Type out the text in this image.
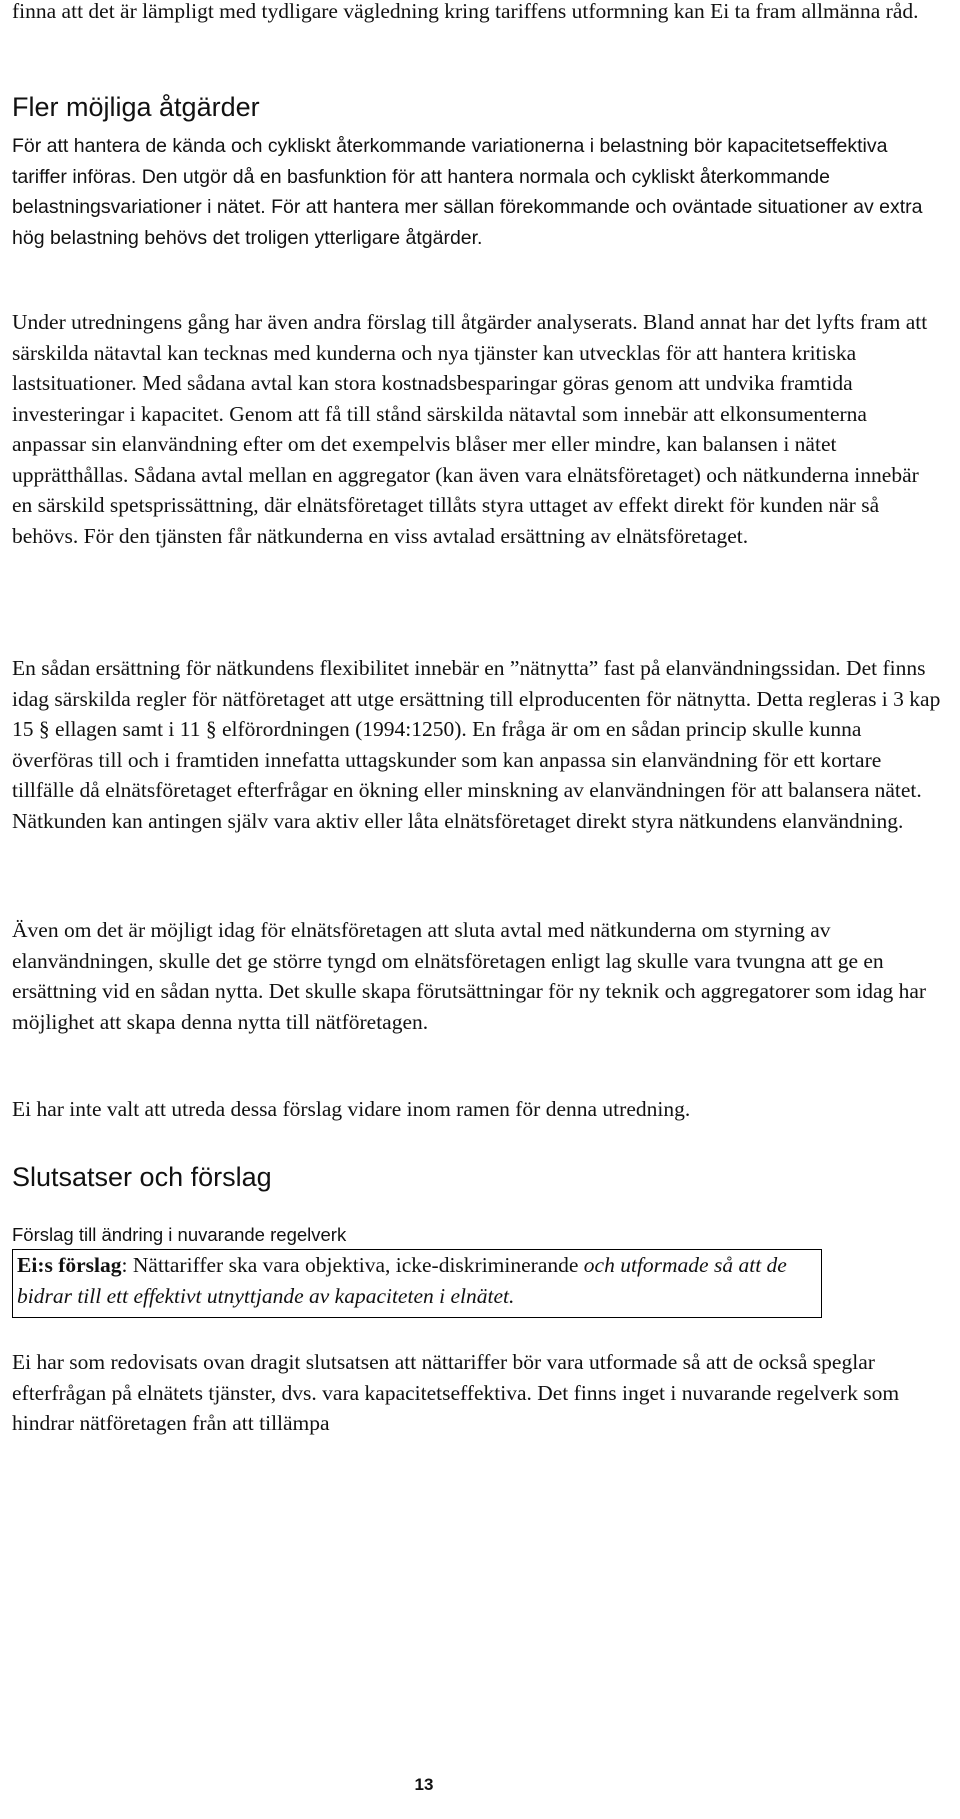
finna att det är lämpligt med tydligare vägledning kring tariffens utformning kan Ei ta fram allmänna råd.

Fler möjliga åtgärder

För att hantera de kända och cykliskt återkommande variationerna i belastning bör kapacitetseffektiva tariffer införas. Den utgör då en basfunktion för att hantera normala och cykliskt återkommande belastningsvariationer i nätet. För att hantera mer sällan förekommande och oväntade situationer av extra hög belastning behövs det troligen ytterligare åtgärder.

Under utredningens gång har även andra förslag till åtgärder analyserats. Bland annat har det lyfts fram att särskilda nätavtal kan tecknas med kunderna och nya tjänster kan utvecklas för att hantera kritiska lastsituationer. Med sådana avtal kan stora kostnadsbesparingar göras genom att undvika framtida investeringar i kapacitet. Genom att få till stånd särskilda nätavtal som innebär att elkonsumenterna anpassar sin elanvändning efter om det exempelvis blåser mer eller mindre, kan balansen i nätet upprätthållas. Sådana avtal mellan en aggregator (kan även vara elnätsföretaget) och nätkunderna innebär en särskild spetsprissättning, där elnätsföretaget tillåts styra uttaget av effekt direkt för kunden när så behövs. För den tjänsten får nätkunderna en viss avtalad ersättning av elnätsföretaget.

En sådan ersättning för nätkundens flexibilitet innebär en ”nätnytta” fast på elanvändningssidan. Det finns idag särskilda regler för nätföretaget att utge ersättning till elproducenten för nätnytta. Detta regleras i 3 kap 15 § ellagen samt i 11 § elförordningen (1994:1250). En fråga är om en sådan princip skulle kunna överföras till och i framtiden innefatta uttagskunder som kan anpassa sin elanvändning för ett kortare tillfälle då elnätsföretaget efterfrågar en ökning eller minskning av elanvändningen för att balansera nätet. Nätkunden kan antingen själv vara aktiv eller låta elnätsföretaget direkt styra nätkundens elanvändning.

Även om det är möjligt idag för elnätsföretagen att sluta avtal med nätkunderna om styrning av elanvändningen, skulle det ge större tyngd om elnätsföretagen enligt lag skulle vara tvungna att ge en ersättning vid en sådan nytta. Det skulle skapa förutsättningar för ny teknik och aggregatorer som idag har möjlighet att skapa denna nytta till nätföretagen.

Ei har inte valt att utreda dessa förslag vidare inom ramen för denna utredning.

Slutsatser och förslag
Förslag till ändring i nuvarande regelverk
Ei:s förslag: Nättariffer ska vara objektiva, icke-diskriminerande och utformade så att de bidrar till ett effektivt utnyttjande av kapaciteten i elnätet.

Ei har som redovisats ovan dragit slutsatsen att nättariffer bör vara utformade så att de också speglar efterfrågan på elnätets tjänster, dvs. vara kapacitetseffektiva. Det finns inget i nuvarande regelverk som hindrar nätföretagen från att tillämpa

13
